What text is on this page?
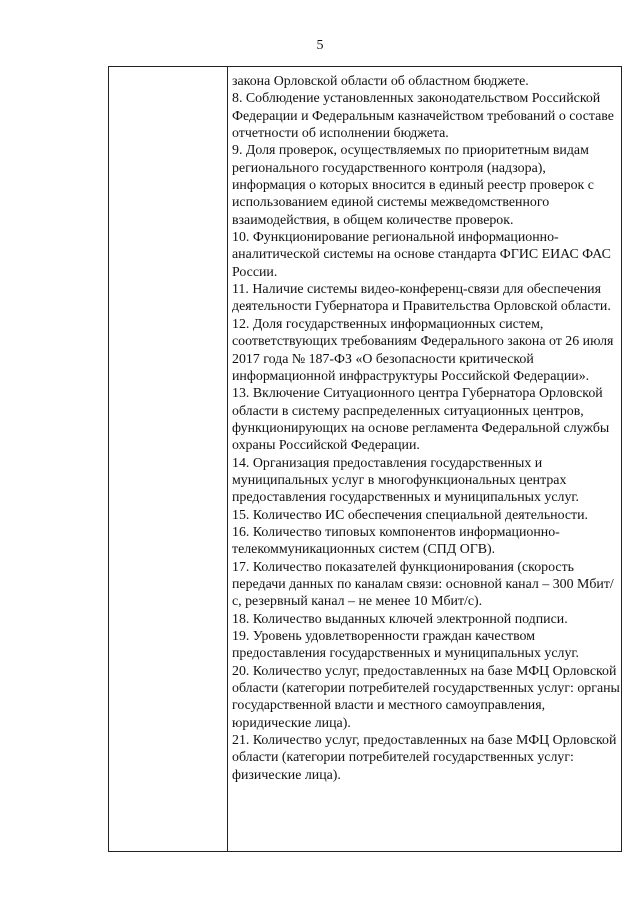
5

закона Орловской области об областном бюджете.

8. Соблюдение установленных законодательством Российской Федерации и Федеральным казначейством требований о составе отчетности об исполнении бюджета.

9. Доля проверок, осуществляемых по приоритетным видам регионального государственного контроля (надзора), информация о которых вносится в единый реестр проверок с использованием единой системы межведомственного взаимодействия, в общем количестве проверок.

10. Функционирование региональной информационно-аналитической системы на основе стандарта ФГИС ЕИАС ФАС России.

11. Наличие системы видео-конференц-связи для обеспечения деятельности Губернатора и Правительства Орловской области.

12. Доля государственных информационных систем, соответствующих требованиям Федерального закона от 26 июля 2017 года № 187-ФЗ «О безопасности критической информационной инфраструктуры Российской Федерации».

13. Включение Ситуационного центра Губернатора Орловской области в систему распределенных ситуационных центров, функционирующих на основе регламента Федеральной службы охраны Российской Федерации.

14. Организация предоставления государственных и муниципальных услуг в многофункциональных центрах предоставления государственных и муниципальных услуг.

15. Количество ИС обеспечения специальной деятельности.

16. Количество типовых компонентов информационно-телекоммуникационных систем (СПД ОГВ).

17. Количество показателей функционирования (скорость передачи данных по каналам связи: основной канал – 300 Мбит/с, резервный канал – не менее 10 Мбит/с).

18. Количество выданных ключей электронной подписи.

19. Уровень удовлетворенности граждан качеством предоставления государственных и муниципальных услуг.

20. Количество услуг, предоставленных на базе МФЦ Орловской области (категории потребителей государственных услуг: органы государственной власти и местного самоуправления, юридические лица).

21. Количество услуг, предоставленных на базе МФЦ Орловской области (категории потребителей государственных услуг: физические лица).
